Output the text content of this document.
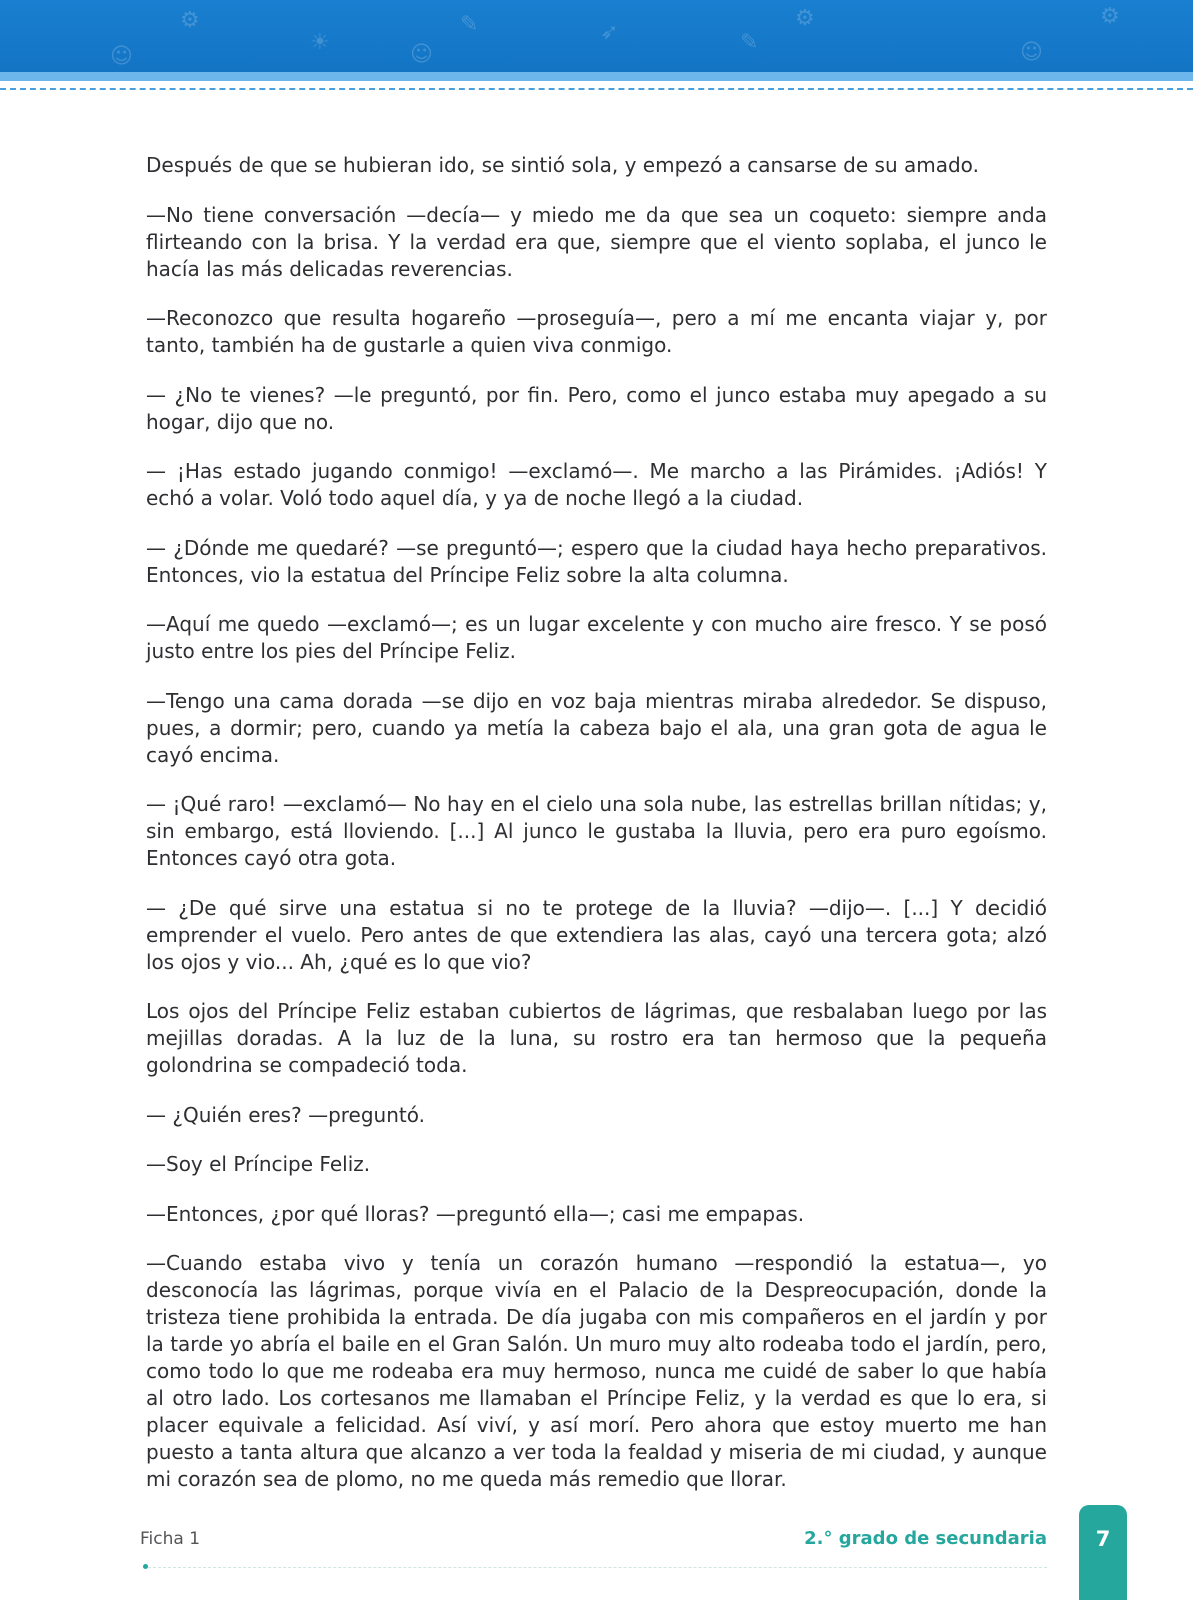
⚙
☀
✎
☺
➶
⚙
✎	☺
⚙
☺

Después de que se hubieran ido, se sintió sola, y empezó a cansarse de su amado.

—No tiene conversación —decía— y miedo me da que sea un coqueto: siempre anda flirteando con la brisa. Y la verdad era que, siempre que el viento soplaba, el junco le hacía las más delicadas reverencias.

—Reconozco que resulta hogareño —proseguía—, pero a mí me encanta viajar y, por tanto, también ha de gustarle a quien viva conmigo.

— ¿No te vienes? —le preguntó, por fin. Pero, como el junco estaba muy apegado a su hogar, dijo que no.

— ¡Has estado jugando conmigo! —exclamó—. Me marcho a las Pirámides. ¡Adiós! Y echó a volar. Voló todo aquel día, y ya de noche llegó a la ciudad.

— ¿Dónde me quedaré? —se preguntó—; espero que la ciudad haya hecho preparativos. Entonces, vio la estatua del Príncipe Feliz sobre la alta columna.

—Aquí me quedo —exclamó—; es un lugar excelente y con mucho aire fresco. Y se posó justo entre los pies del Príncipe Feliz.

—Tengo una cama dorada —se dijo en voz baja mientras miraba alrededor. Se dispuso, pues, a dormir; pero, cuando ya metía la cabeza bajo el ala, una gran gota de agua le cayó encima.

— ¡Qué raro! —exclamó— No hay en el cielo una sola nube, las estrellas brillan nítidas; y, sin embargo, está lloviendo. [...] Al junco le gustaba la lluvia, pero era puro egoísmo. Entonces cayó otra gota.

— ¿De qué sirve una estatua si no te protege de la lluvia? —dijo—. [...] Y decidió emprender el vuelo. Pero antes de que extendiera las alas, cayó una tercera gota; alzó los ojos y vio... Ah, ¿qué es lo que vio?

Los ojos del Príncipe Feliz estaban cubiertos de lágrimas, que resbalaban luego por las mejillas doradas. A la luz de la luna, su rostro era tan hermoso que la pequeña golondrina se compadeció toda.

— ¿Quién eres? —preguntó.

—Soy el Príncipe Feliz.

—Entonces, ¿por qué lloras? —preguntó ella—; casi me empapas.

—Cuando estaba vivo y tenía un corazón humano —respondió la estatua—, yo desconocía las lágrimas, porque vivía en el Palacio de la Despreocupación, donde la tristeza tiene prohibida la entrada. De día jugaba con mis compañeros en el jardín y por la tarde yo abría el baile en el Gran Salón. Un muro muy alto rodeaba todo el jardín, pero, como todo lo que me rodeaba era muy hermoso, nunca me cuidé de saber lo que había al otro lado. Los cortesanos me llamaban el Príncipe Feliz, y la verdad es que lo era, si placer equivale a felicidad. Así viví, y así morí. Pero ahora que estoy muerto me han puesto a tanta altura que alcanzo a ver toda la fealdad y miseria de mi ciudad, y aunque mi corazón sea de plomo, no me queda más remedio que llorar.

Ficha 1	2.° grado de secundaria 7
